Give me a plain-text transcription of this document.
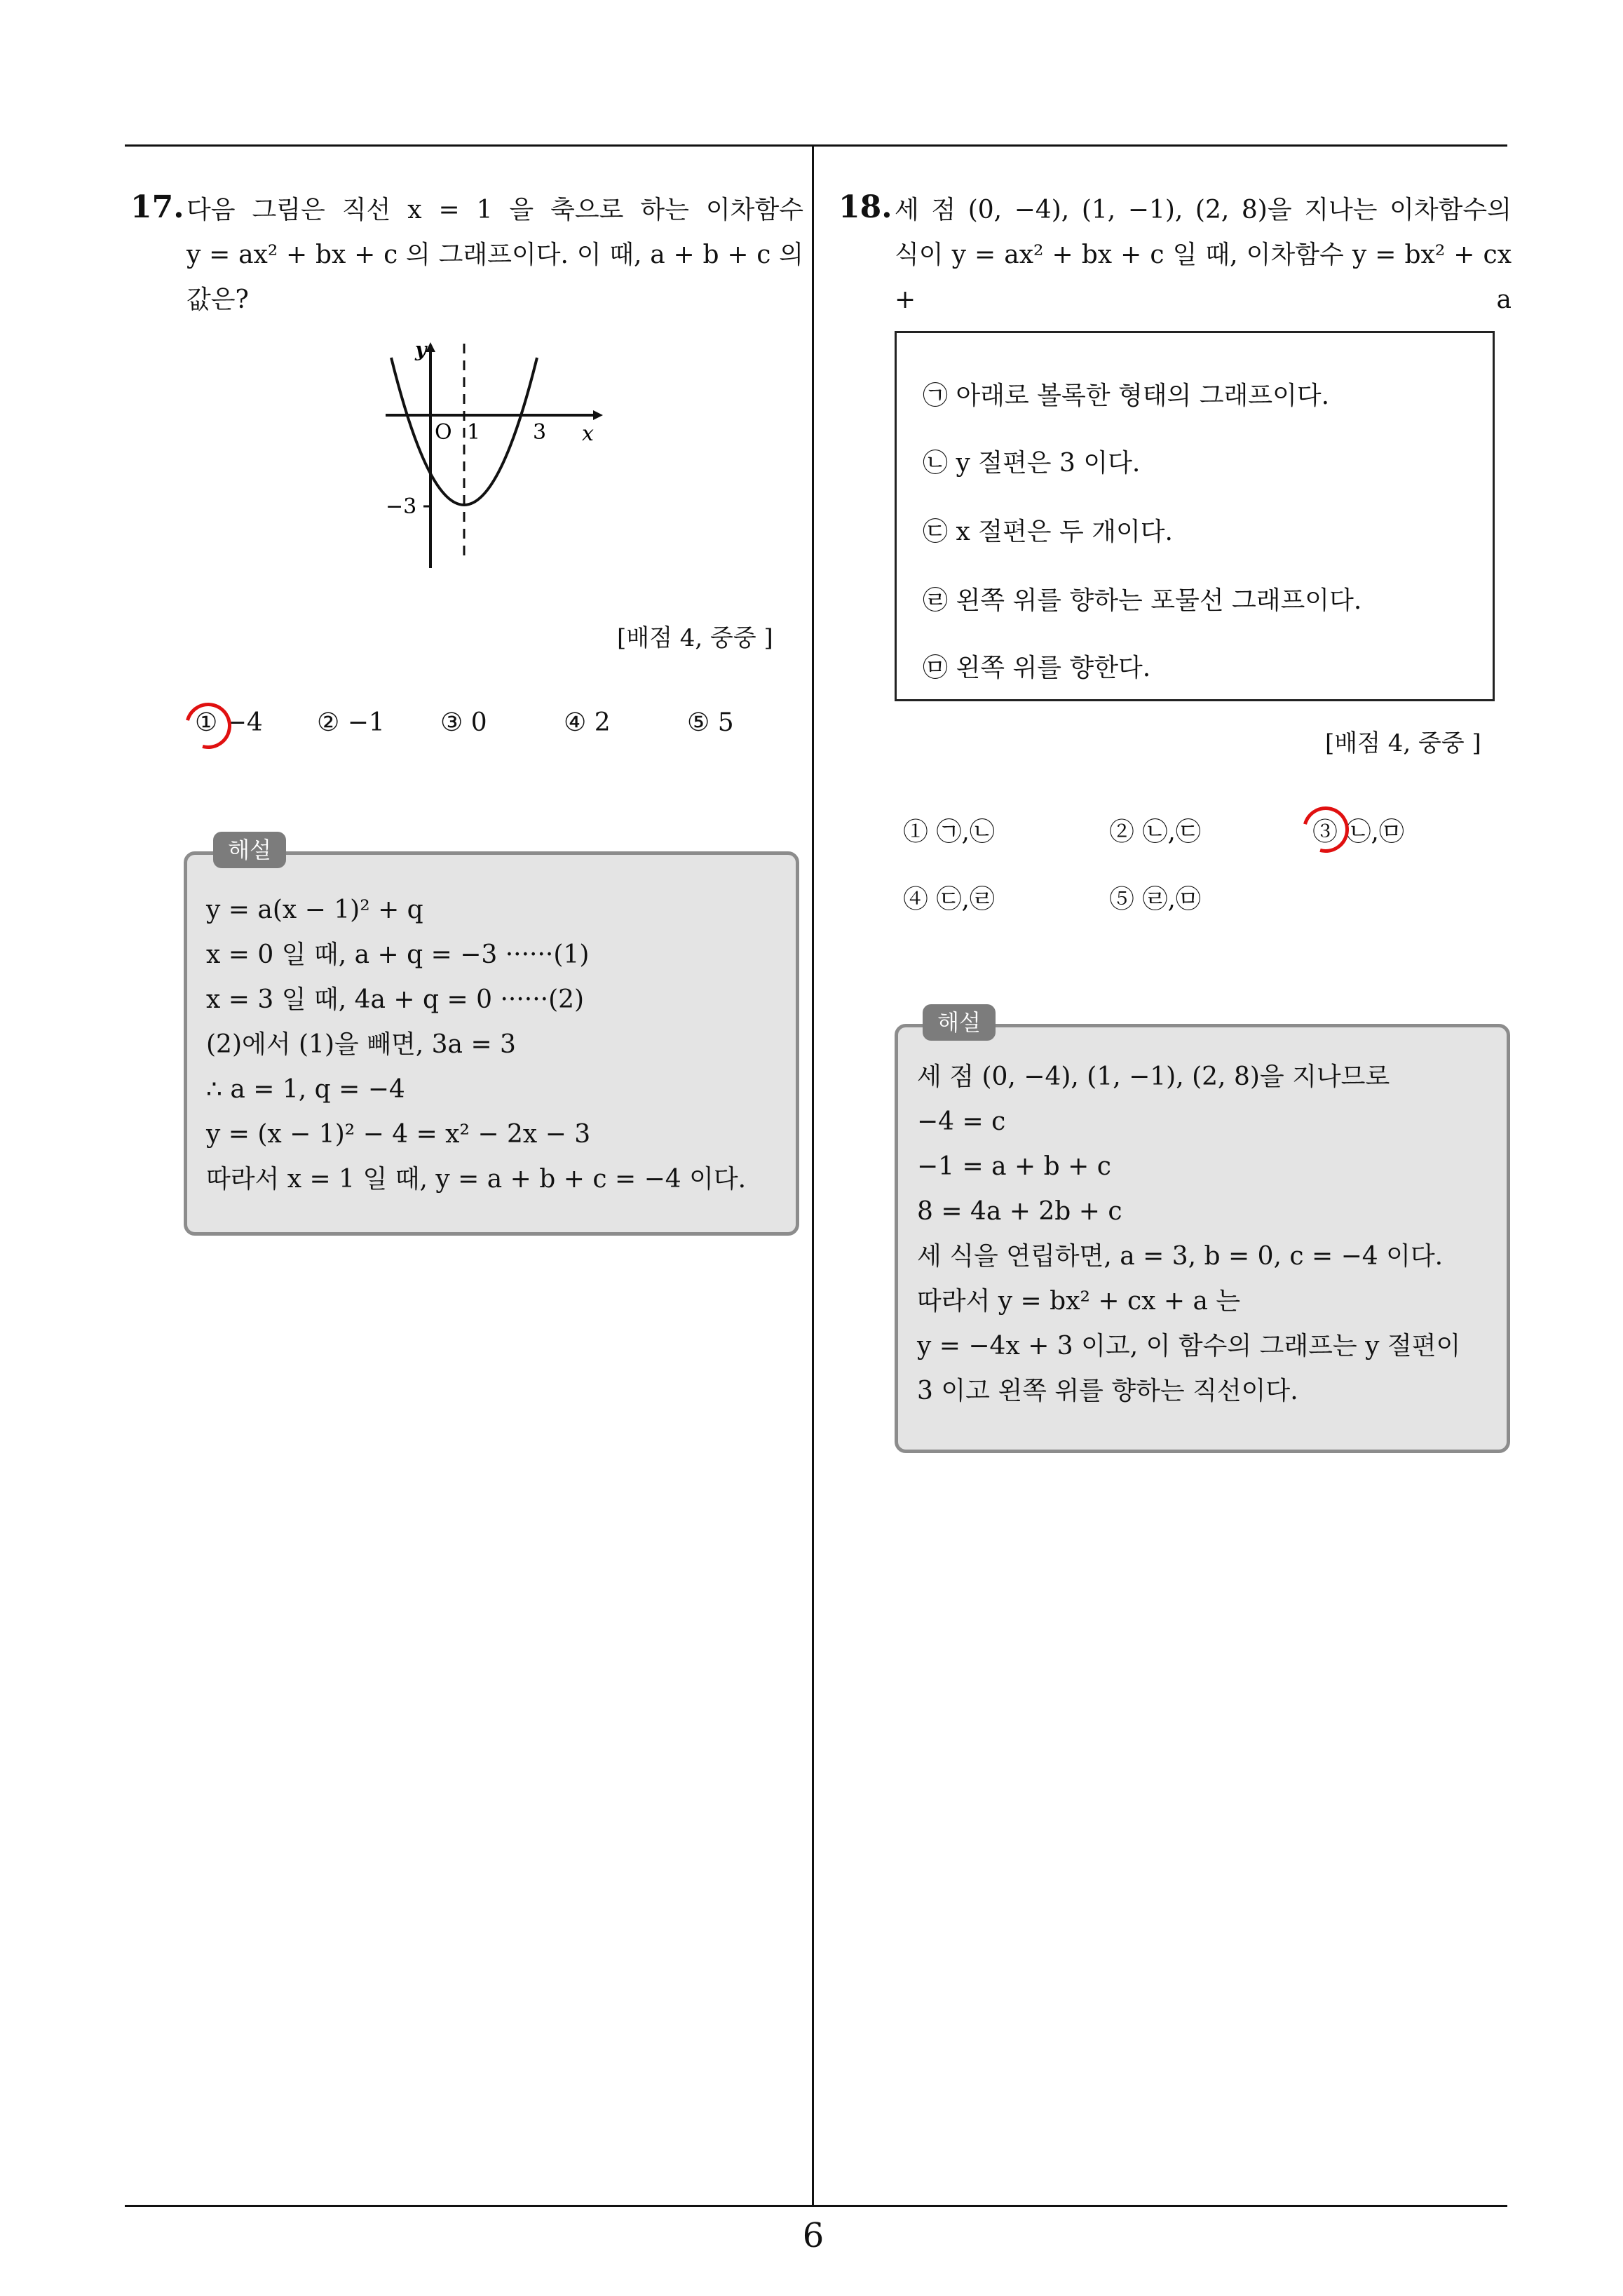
6
17. 다음 그림은 직선 x = 1 을 축으로 하는 이차함수
y = ax² + bx + c 의 그래프이다. 이 때, a + b + c 의
값은?
y
x
O 1 3
−3
[배점 4, 중중 ]
① −4 ② −1 ③ 0	④ 2	⑤ 5
해설
y = a(x − 1)² + q
x = 0 일 때, a + q = −3 ······(1)
x = 3 일 때, 4a + q = 0 ······(2)
(2)에서 (1)을 빼면, 3a = 3
∴ a = 1, q = −4
y = (x − 1)² − 4 = x² − 2x − 3
따라서 x = 1 일 때, y = a + b + c = −4 이다.
18. 세 점 (0, −4), (1, −1), (2, 8)을 지나는 이차함수의
식이 y = ax² + bx + c 일 때, 이차함수 y = bx² + cx + a
㉠ 아래로 볼록한 형태의 그래프이다.
㉡ y 절편은 3 이다.
㉢ x 절편은 두 개이다.
㉣ 왼쪽 위를 향하는 포물선 그래프이다.
㉤ 왼쪽 위를 향한다.
[배점 4, 중중 ]
① ㉠,㉡	② ㉡,㉢	③ ㉡,㉤
④ ㉢,㉣	⑤ ㉣,㉤
해설
세 점 (0, −4), (1, −1), (2, 8)을 지나므로
−4 = c
−1 = a + b + c
8 = 4a + 2b + c
세 식을 연립하면, a = 3, b = 0, c = −4 이다.
따라서 y = bx² + cx + a 는
y = −4x + 3 이고, 이 함수의 그래프는 y 절편이
3 이고 왼쪽 위를 향하는 직선이다.
